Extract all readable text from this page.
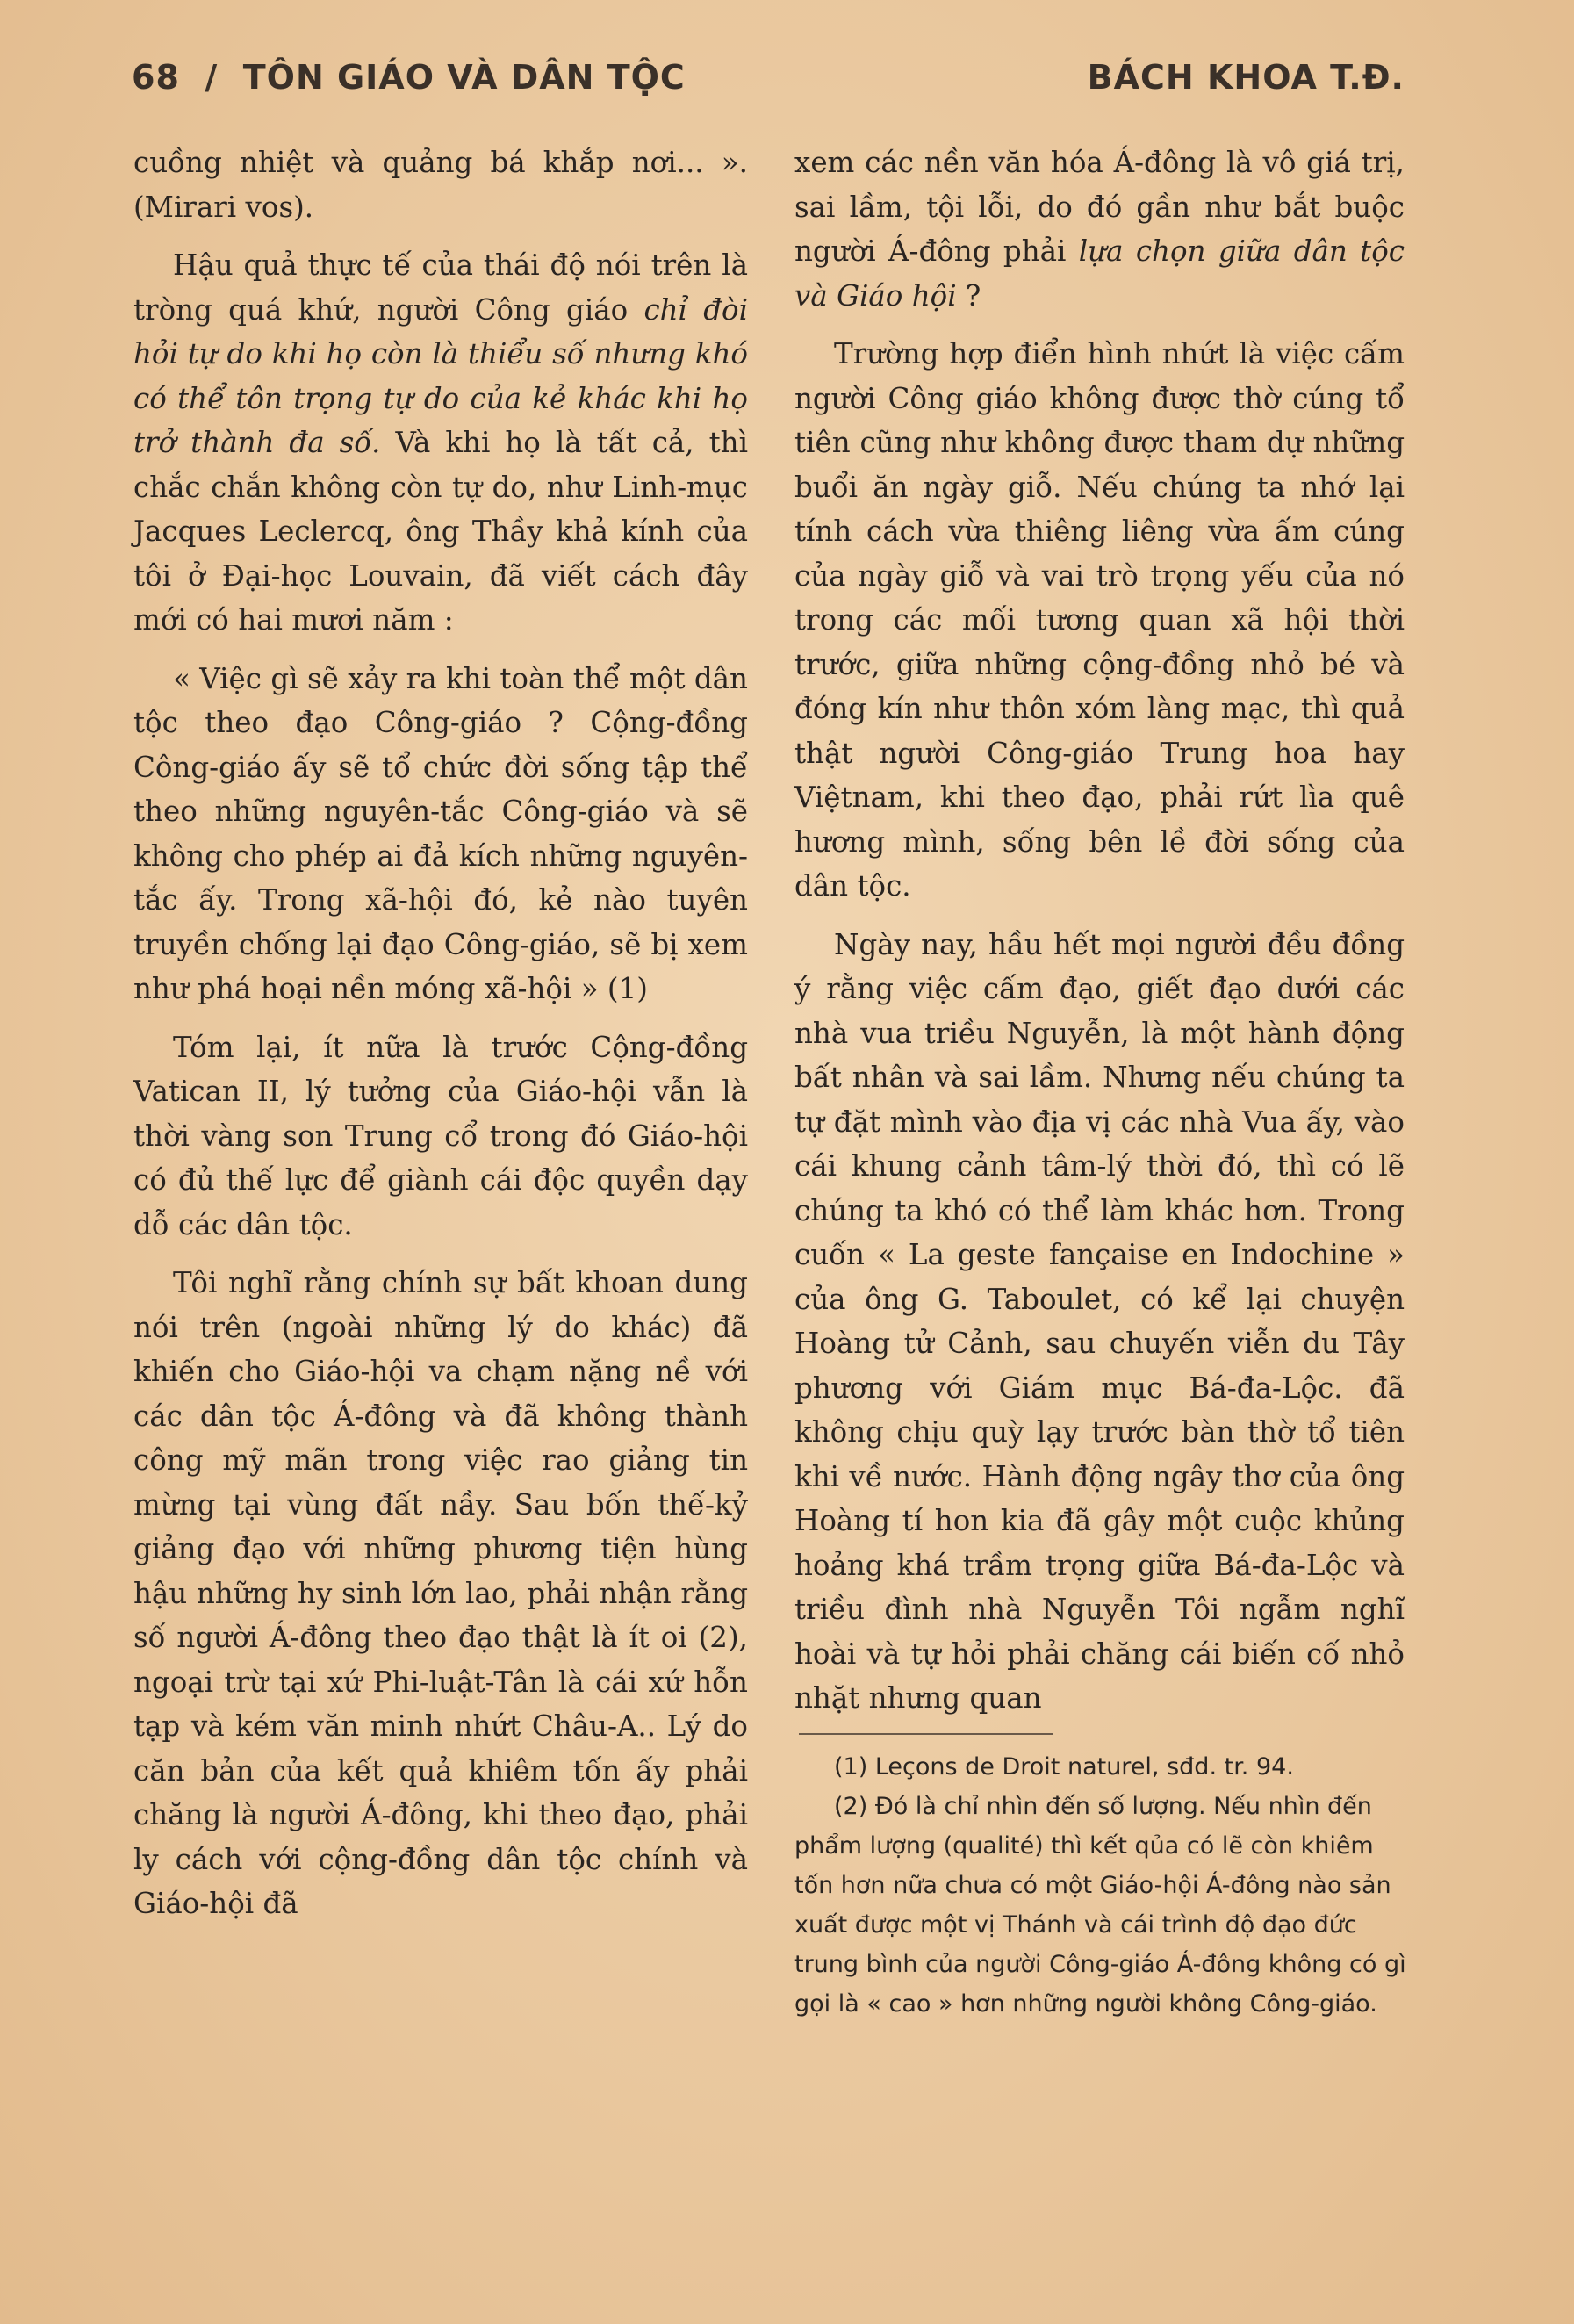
68 / TÔN GIÁO VÀ DÂN TỘC	BÁCH KHOA T.Đ.

cuồng nhiệt và quảng bá khắp nơi... ». (Mirari vos).

Hậu quả thực tế của thái độ nói trên là tròng quá khứ, người Công giáo chỉ đòi hỏi tự do khi họ còn là thiểu số nhưng khó có thể tôn trọng tự do của kẻ khác khi họ trở thành đa số. Và khi họ là tất cả, thì chắc chắn không còn tự do, như Linh-mục Jacques Leclercq, ông Thầy khả kính của tôi ở Đại-học Louvain, đã viết cách đây mới có hai mươi năm :

« Việc gì sẽ xảy ra khi toàn thể một dân tộc theo đạo Công-giáo ? Cộng-đồng Công-giáo ấy sẽ tổ chức đời sống tập thể theo những nguyên-tắc Công-giáo và sẽ không cho phép ai đả kích những nguyên-tắc ấy. Trong xã-hội đó, kẻ nào tuyên truyền chống lại đạo Công-giáo, sẽ bị xem như phá hoại nền móng xã-hội » (1)

Tóm lại, ít nữa là trước Cộng-đồng Vatican II, lý tưởng của Giáo-hội vẫn là thời vàng son Trung cổ trong đó Giáo-hội có đủ thế lực để giành cái độc quyền dạy dỗ các dân tộc.

Tôi nghĩ rằng chính sự bất khoan dung nói trên (ngoài những lý do khác) đã khiến cho Giáo-hội va chạm nặng nề với các dân tộc Á-đông và đã không thành công mỹ mãn trong việc rao giảng tin mừng tại vùng đất nầy. Sau bốn thế-kỷ giảng đạo với những phương tiện hùng hậu những hy sinh lớn lao, phải nhận rằng số người Á-đông theo đạo thật là ít oi (2), ngoại trừ tại xứ Phi-luật-Tân là cái xứ hỗn tạp và kém văn minh nhứt Châu-A.. Lý do căn bản của kết quả khiêm tốn ấy phải chăng là người Á-đông, khi theo đạo, phải ly cách với cộng-đồng dân tộc chính và Giáo-hội đã

xem các nền văn hóa Á-đông là vô giá trị, sai lầm, tội lỗi, do đó gần như bắt buộc người Á-đông phải lựa chọn giữa dân tộc và Giáo hội ?

Trường hợp điển hình nhứt là việc cấm người Công giáo không được thờ cúng tổ tiên cũng như không được tham dự những buổi ăn ngày giỗ. Nếu chúng ta nhớ lại tính cách vừa thiêng liêng vừa ấm cúng của ngày giỗ và vai trò trọng yếu của nó trong các mối tương quan xã hội thời trước, giữa những cộng-đồng nhỏ bé và đóng kín như thôn xóm làng mạc, thì quả thật người Công-giáo Trung hoa hay Việtnam, khi theo đạo, phải rứt lìa quê hương mình, sống bên lề đời sống của dân tộc.

Ngày nay, hầu hết mọi người đều đồng ý rằng việc cấm đạo, giết đạo dưới các nhà vua triều Nguyễn, là một hành động bất nhân và sai lầm. Nhưng nếu chúng ta tự đặt mình vào địa vị các nhà Vua ấy, vào cái khung cảnh tâm-lý thời đó, thì có lẽ chúng ta khó có thể làm khác hơn. Trong cuốn « La geste fançaise en Indochine » của ông G. Taboulet, có kể lại chuyện Hoàng tử Cảnh, sau chuyến viễn du Tây phương với Giám mục Bá-đa-Lộc. đã không chịu quỳ lạy trước bàn thờ tổ tiên khi về nước. Hành động ngây thơ của ông Hoàng tí hon kia đã gây một cuộc khủng hoảng khá trầm trọng giữa Bá-đa-Lộc và triều đình nhà Nguyễn Tôi ngẫm nghĩ hoài và tự hỏi phải chăng cái biến cố nhỏ nhặt nhưng quan

(1) Leçons de Droit naturel, sđd. tr. 94.

(2) Đó là chỉ nhìn đến số lượng. Nếu nhìn đến phẩm lượng (qualité) thì kết qủa có lẽ còn khiêm tốn hơn nữa chưa có một Giáo-hội Á-đông nào sản xuất được một vị Thánh và cái trình độ đạo đức trung bình của người Công-giáo Á-đông không có gì gọi là « cao » hơn những người không Công-giáo.
